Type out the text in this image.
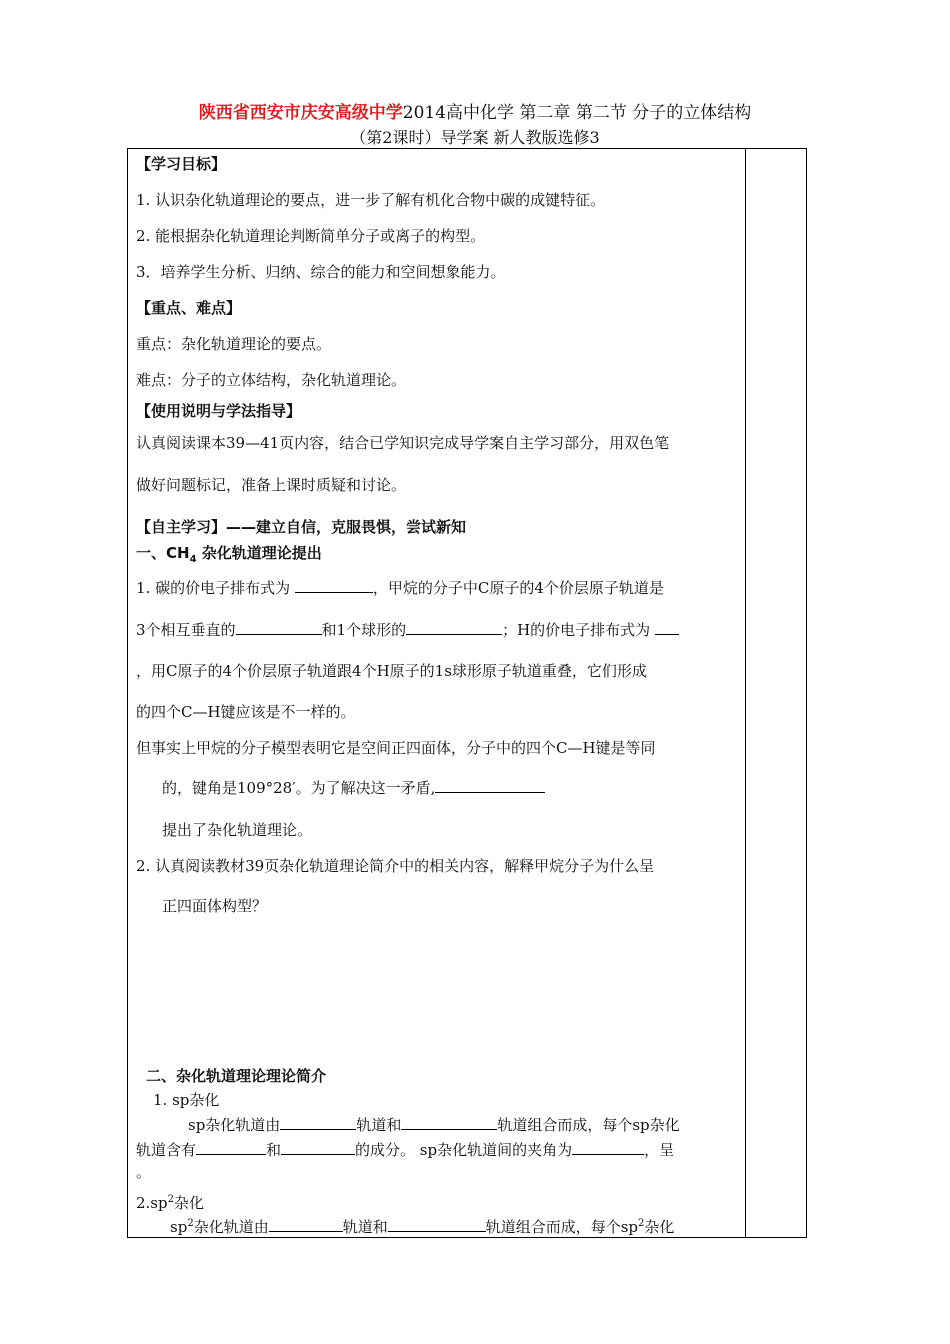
陕西省西安市庆安高级中学2014高中化学 第二章 第二节 分子的立体结构
（第2课时）导学案 新人教版选修3
【学习目标】
1. 认识杂化轨道理论的要点，进一步了解有机化合物中碳的成键特征。
2. 能根据杂化轨道理论判断简单分子或离子的构型。
3．培养学生分析、归纳、综合的能力和空间想象能力。
【重点、难点】
重点：杂化轨道理论的要点。
难点：分子的立体结构，杂化轨道理论。
【使用说明与学法指导】
认真阅读课本39—41页内容，结合已学知识完成导学案自主学习部分，用双色笔
做好问题标记，准备上课时质疑和讨论。
【自主学习】——建立自信，克服畏惧，尝试新知
一、$CH_4$ 杂化轨道理论提出
1. 碳的价电子排布式为	，甲烷的分子中C原子的4个价层原子轨道是
3个相互垂直的	和1个球形的	；H的价电子排布式为
，用C原子的4个价层原子轨道跟4个H原子的1s球形原子轨道重叠，它们形成
的四个C—H键应该是不一样的。
但事实上甲烷的分子模型表明它是空间正四面体，分子中的四个C—H键是等同
的，键角是109°28′。为了解决这一矛盾,
提出了杂化轨道理论。
2. 认真阅读教材39页杂化轨道理论简介中的相关内容，解释甲烷分子为什么呈
正四面体构型？
二、杂化轨道理论理论简介
1. sp杂化
sp杂化轨道由	轨道和	轨道组合而成，每个sp杂化
轨道含有	和	的成分。 sp杂化轨道间的夹角为	，呈
。
$2.sp^2$杂化
$sp^2$杂化轨道由	轨道和	轨道组合而成，每个$sp^2$杂化
